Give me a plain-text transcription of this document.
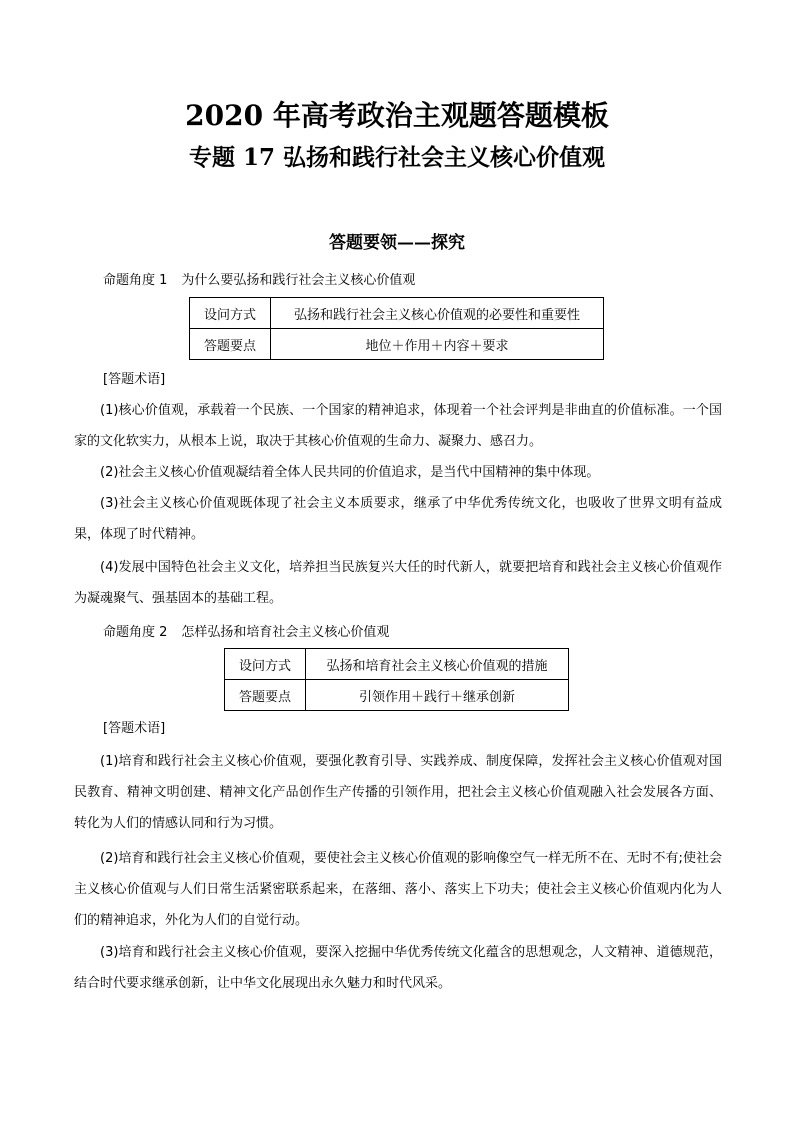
2020 年高考政治主观题答题模板
专题 17 弘扬和践行社会主义核心价值观
答题要领——探究
命题角度 1 为什么要弘扬和践行社会主义核心价值观
设问方式	弘扬和践行社会主义核心价值观的必要性和重要性
答题要点	地位＋作用＋内容＋要求
[答题术语]
(1)核心价值观，承载着一个民族、一个国家的精神追求，体现着一个社会评判是非曲直的价值标准。一个国家的文化软实力，从根本上说，取决于其核心价值观的生命力、凝聚力、感召力。
(2)社会主义核心价值观凝结着全体人民共同的价值追求，是当代中国精神的集中体现。
(3)社会主义核心价值观既体现了社会主义本质要求，继承了中华优秀传统文化，也吸收了世界文明有益成果，体现了时代精神。
(4)发展中国特色社会主义文化，培养担当民族复兴大任的时代新人，就要把培育和践社会主义核心价值观作为凝魂聚气、强基固本的基础工程。
命题角度 2 怎样弘扬和培育社会主义核心价值观
设问方式	弘扬和培育社会主义核心价值观的措施
答题要点	引领作用＋践行＋继承创新
[答题术语]
(1)培育和践行社会主义核心价值观，要强化教育引导、实践养成、制度保障，发挥社会主义核心价值观对国民教育、精神文明创建、精神文化产品创作生产传播的引领作用，把社会主义核心价值观融入社会发展各方面、转化为人们的情感认同和行为习惯。
(2)培育和践行社会主义核心价值观，要使社会主义核心价值观的影响像空气一样无所不在、无时不有;使社会主义核心价值观与人们日常生活紧密联系起来，在落细、落小、落实上下功夫；使社会主义核心价值观内化为人们的精神追求，外化为人们的自觉行动。
(3)培育和践行社会主义核心价值观，要深入挖掘中华优秀传统文化蕴含的思想观念，人文精神、道德规范，结合时代要求继承创新，让中华文化展现出永久魅力和时代风采。
